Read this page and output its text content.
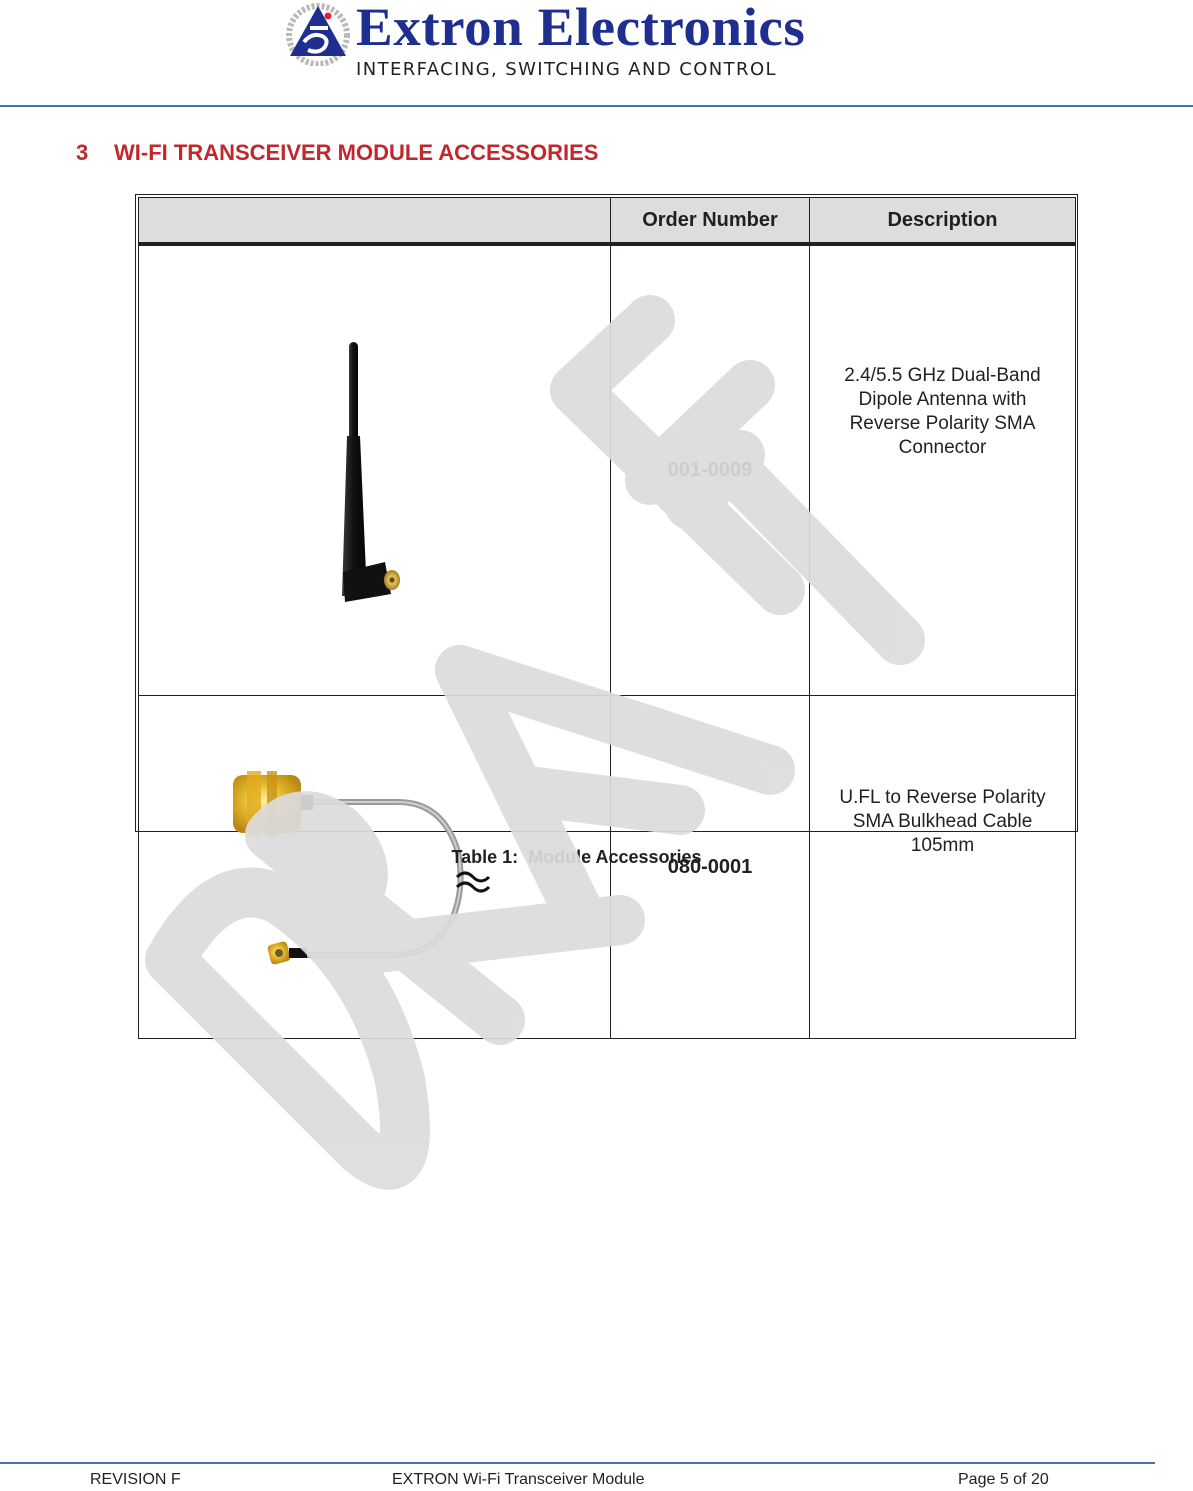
Extron Electronics
INTERFACING, SWITCHING AND CONTROL
3 WI-FI TRANSCEIVER MODULE ACCESSORIES
	Order Number	Description

	001-0009	2.4/5.5 GHz Dual-Band
Dipole Antenna with
Reverse Polarity SMA
Connector

	080-0001	U.FL to Reverse Polarity
SMA Bulkhead Cable
105mm
Table 1:  Module Accessories
REVISION F	EXTRON Wi-Fi Transceiver Module	Page 5 of 20
